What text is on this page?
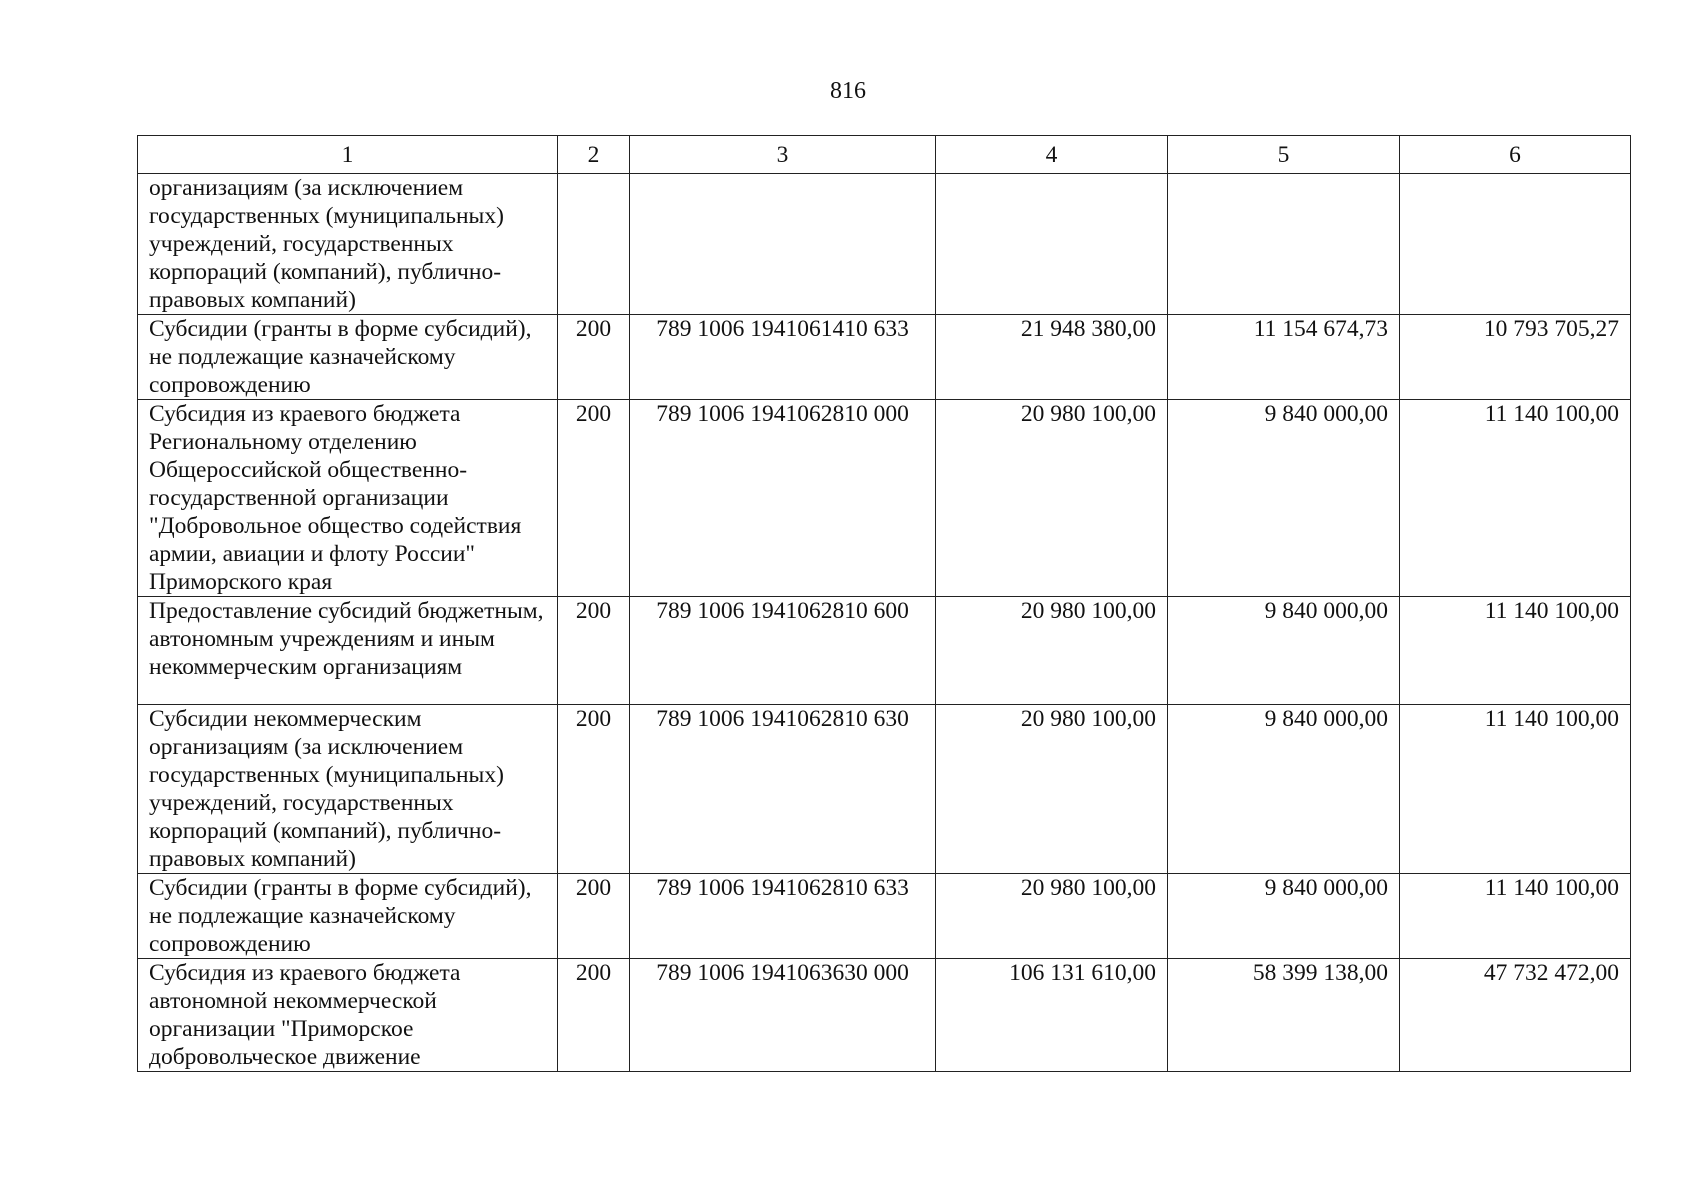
816
1	2	3	4	5	6
организациям (за исключением государственных (муниципальных) учреждений, государственных корпораций (компаний), публично-правовых компаний)					
Субсидии (гранты в форме субсидий), не подлежащие казначейскому сопровождению	200	789 1006 1941061410 633	21 948 380,00	11 154 674,73	10 793 705,27
Субсидия из краевого бюджета Региональному отделению Общероссийской общественно-государственной организации "Добровольное общество содействия армии, авиации и флоту России" Приморского края	200	789 1006 1941062810 000	20 980 100,00	9 840 000,00	11 140 100,00
Предоставление субсидий бюджетным, автономным учреждениям и иным некоммерческим организациям	200	789 1006 1941062810 600	20 980 100,00	9 840 000,00	11 140 100,00
Субсидии некоммерческим организациям (за исключением государственных (муниципальных) учреждений, государственных корпораций (компаний), публично-правовых компаний)	200	789 1006 1941062810 630	20 980 100,00	9 840 000,00	11 140 100,00
Субсидии (гранты в форме субсидий), не подлежащие казначейскому сопровождению	200	789 1006 1941062810 633	20 980 100,00	9 840 000,00	11 140 100,00
Субсидия из краевого бюджета автономной некоммерческой организации "Приморское добровольческое движение	200	789 1006 1941063630 000	106 131 610,00	58 399 138,00	47 732 472,00
